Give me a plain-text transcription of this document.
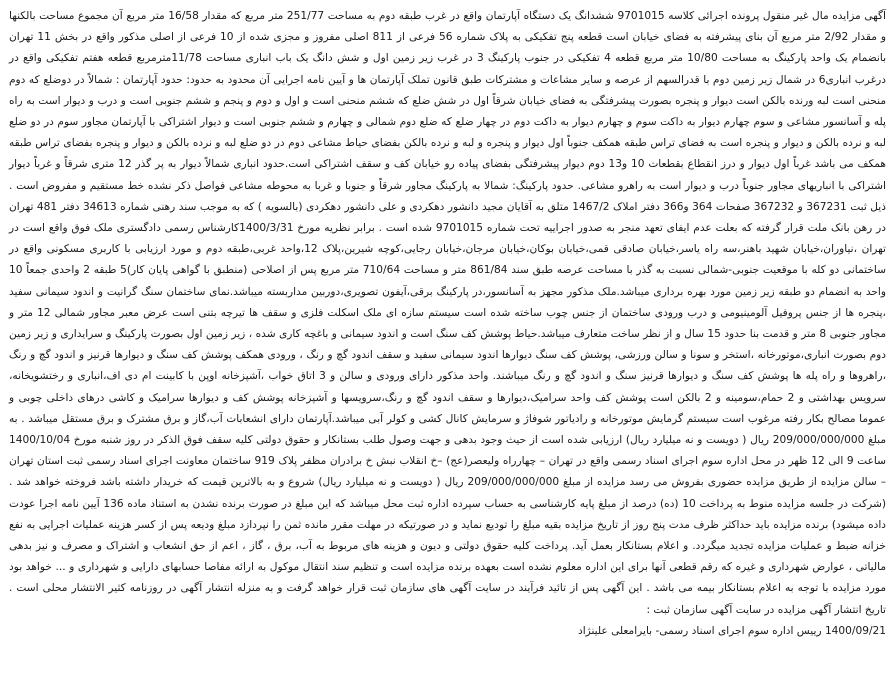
آگهی مزایده مال غیر منقول پرونده اجرائی کلاسه 9701015 ششدانگ یک دستگاه آپارتمان واقع در غرب طبقه دوم به مساحت 251/77 متر مربع که مقدار 16/58 متر مربع آن مجموع مساحت بالکنها و مقدار 2/92 متر مربع آن بنای پیشرفته به فضای خیابان است قطعه پنج تفکیکی به پلاک شماره 56 فرعی از 811 اصلی مفروز و مجزی شده از 10 فرعی از اصلی مذکور واقع در بخش 11 تهران بانضمام یک واحد پارکینگ به مساحت 10/80 متر مربع قطعه 4 تفکیکی در جنوب پارکینگ 3 در غرب زیر زمین اول و شش دانگ یک باب انباری مساحت 11/78مترمربع قطعه هفتم تفکیکی واقع در درغرب انباری6 در شمال زیر زمین دوم با قدرالسهم از عرصه و سایر مشاعات و مشترکات طبق قانون تملک آپارتمان ها و آیین نامه اجرایی آن محدود به حدود: حدود آپارتمان : شمالاً در دوضلع که دوم منحنی است لبه ورنده بالکن است دیوار و پنجره بصورت پیشرفتگی به فضای خیابان شرقاً اول در شش ضلع که ششم منحنی است و اول و دوم و پنجم و ششم جنوبی است و درب و دیوار است به راه پله و آسانسور مشاعی و سوم چهارم دیوار به داکت سوم و چهارم دیوار به داکت دوم در چهار ضلع که ضلع دوم شمالی و چهارم و ششم جنوبی است و دیوار اشتراکی با آپارتمان مجاور سوم در دو ضلع لبه و نرده بالکن و دیوار و پنجره است به فضای تراس طبقه همکف جنوباً اول دیوار و پنجره و لبه و نرده بالکن بفضای حیاط مشاعی دوم در دو ضلع لبه و نرده بالکن و دیوار و پنجره بفضای تراس طبقه همکف می باشد غرباً اول دیوار و درز انقطاع بقطعات 10 و13 دوم دیوار پیشرفتگی بفضای پیاده رو خیابان کف و سقف اشتراکی است.حدود انباری شمالاً دیوار به پر گذر 12 متری شرقاً و غرباً دیوار اشتراکی با انباریهای مجاور جنوباً درب و دیوار است به راهرو مشاعی. حدود پارکینگ: شمالا به پارکینگ مجاور شرقاً و جنوبا و غربا به محوطه مشاعی فواصل ذکر نشده خط مستقیم و مفروض است . ذیل ثبت 367231 و 367232 صفحات 364 و366 دفتر املاک 1467/2 متلق به آقایان مجید دانشور دهکردی و علی دانشور دهکردی (بالسویه ) که به موجب سند رهنی شماره 34613 دفتر 481 تهران در رهن بانک ملت قرار گرفته که بعلت عدم ایفای تعهد منجر به صدور اجراییه تحت شماره 9701015 شده است . برابر نظریه مورخ 1400/3/31کارشناس رسمی دادگستری ملک فوق واقع است در تهران ،نیاوران،خیابان شهید باهنر،سه راه یاسر،خیابان صادقی قمی،خیابان بوکان،خیابان مرجان،خیابان رجایی،کوچه شیرین،پلاک 12،واحد غربی،طبقه دوم و مورد ارزیابی با کاربری مسکونی واقع در ساختمانی دو کله با موقعیت جنوبی-شمالی نسبت به گذر با مساحت عرصه طبق سند 861/84 متر و مساحت 710/64 متر مربع پس از اصلاحی (منطبق با گواهی پایان کار)5 طبقه 2 واحدی جمعاً 10 واحد به انضمام دو طبقه زیر زمین مورد بهره برداری میباشد.ملک مذکور مجهز به آسانسور،در پارکینگ برقی،آیفون تصویری،دوربین مداربسته میباشد.نمای ساختمان سنگ گرانیت و اندود سیمانی سفید ،پنجره ها از جنس پروفیل آلومینیومی و درب ورودی ساختمان از جنس چوب ساخته شده است سیستم سازه ای ملک اسکلت فلزی و سقف ها تیرچه بتنی است عرض معبر مجاور شمالی 12 متر و مجاور جنوبی 8 متر و قدمت بنا حدود 15 سال و از نظر ساخت متعارف میباشد.حیاط پوشش کف سنگ است و اندود سیمانی و باغچه کاری شده ، زیر زمین اول بصورت پارکینگ و سرایداری و زیر زمین دوم بصورت انباری،موتورخانه ،استخر و سونا و سالن ورزشی، پوشش کف سنگ دیوارها اندود سیمانی سفید و سقف اندود گچ و رنگ ، ورودی همکف پوشش کف سنگ و دیوارها قرنیز و اندود گچ و رنگ ،راهروها و راه پله ها پوشش کف سنگ و دیوارها قرنیز سنگ و اندود گچ و رنگ میباشند. واحد مذکور دارای ورودی و سالن و 3 اتاق خواب ،آشپزخانه اوپن با کابینت ام دی اف،انباری و رختشویخانه، سرویس بهداشتی و 2 حمام،سومینه و 2 بالکن است پوشش کف واحد سرامیک،دیوارها و سقف اندود گچ و رنگ،سرویسها و آشپزخانه پوشش کف و دیوارها سرامیک و کاشی درهای داخلی چوبی و عموما مصالح بکار رفته مرغوب است سیستم گرمایش موتورخانه و رادیاتور شوفاژ و سرمایش کانال کشی و کولر آبی میباشد.آپارتمان دارای انشعابات آب،گاز و برق مشترک و برق مستقل میباشد . به مبلغ 209/000/000/000 ریال ( دویست و نه میلیارد ریال) ارزیابی شده است از حیث وجود بدهی و جهت وصول طلب بستانکار و حقوق دولتی کلیه سقف فوق الذکر در روز شنبه مورخ 1400/10/04 ساعت 9 الی 12 ظهر در محل اداره سوم اجرای اسناد رسمی واقع در تهران – چهارراه ولیعصر(عج) –خ انقلاب نبش خ برادران مظفر پلاک 919 ساختمان معاونت اجرای اسناد رسمی ثبت استان تهران – سالن مزایده از طریق مزایده حضوری بفروش می رسد مزایده از مبلغ 209/000/000/000 ریال ( دویست و نه میلیارد ریال) شروع و به بالاترین قیمت که خریدار داشته باشد فروخته خواهد شد . (شرکت در جلسه مزایده منوط به پرداخت 10 (ده) درصد از مبلغ پایه کارشناسی به حساب سپرده اداره ثبت محل میباشد که این مبلغ در صورت برنده نشدن به استناد ماده 136 آیین نامه اجرا عودت داده میشود) برنده مزایده باید حداکثر ظرف مدت پنج روز از تاریخ مزایده بقیه مبلغ را تودیع نماید و در صورتیکه در مهلت مقرر مانده ثمن را نپردازد مبلغ ودیعه پس از کسر هزینه عملیات اجرایی به نفع خزانه ضبط و عملیات مزایده تجدید میگردد. و اعلام بستانکار بعمل آید. پرداخت کلیه حقوق دولتی و دیون و هزینه های مربوط به آب، برق ، گاز ، اعم از حق انشعاب و اشتراک و مصرف و نیز بدهی مالیاتی ، عوارض شهرداری و غیره که رقم قطعی آنها برای این اداره معلوم نشده است بعهده برنده مزایده است و تنظیم سند انتقال موکول به ارائه مفاصا حسابهای دارایی و شهرداری و ... خواهد بود مورد مزایده با توجه به اعلام بستانکار بیمه می باشد . این آگهی پس از تائید فرآیند در سایت آگهی های سازمان ثبت قرار خواهد گرفت و به منزله انتشار آگهی در روزنامه کثیر الانتشار محلی است . تاریخ انتشار آگهی مزایده در سایت آگهی سازمان ثبت :
1400/09/21 رییس اداره سوم اجرای اسناد رسمی- بایرامعلی علینژاد
